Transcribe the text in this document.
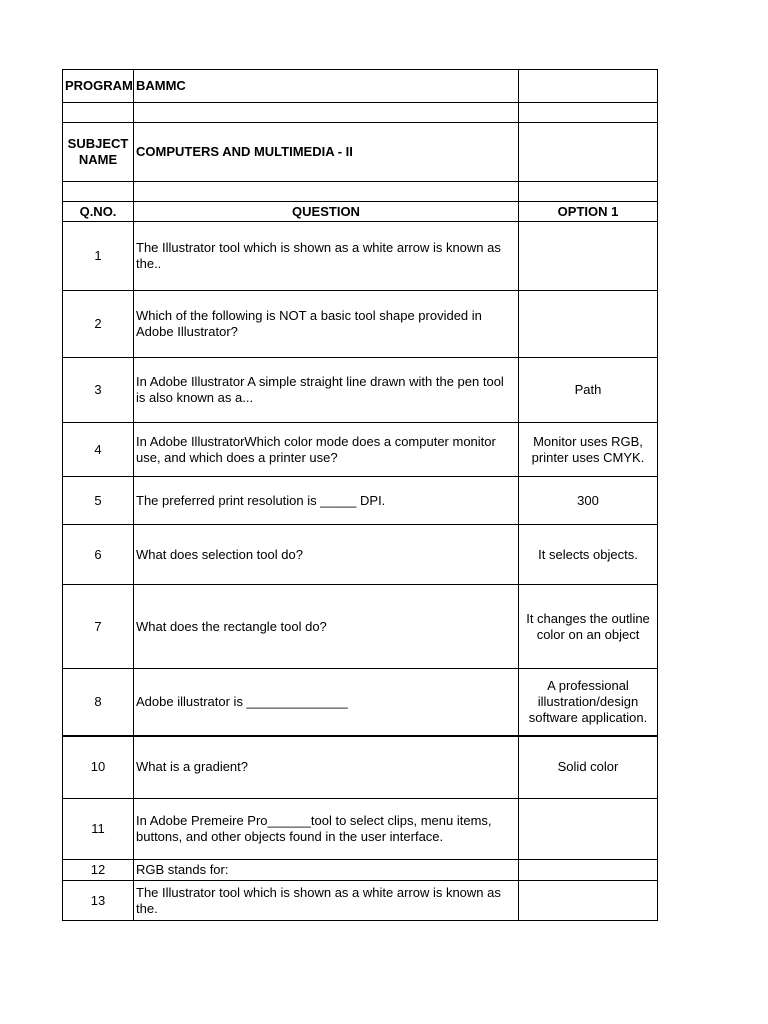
PROGRAM	BAMMC	

SUBJECT NAME	COMPUTERS AND MULTIMEDIA - II	

Q.NO.	QUESTION	OPTION 1
1	The Illustrator tool which is shown as a white arrow is known as the..	
2	Which of the following is NOT a basic tool shape provided in Adobe Illustrator?	
3	In Adobe Illustrator A simple straight line drawn with the pen tool is also known as a...	Path
4	In Adobe IllustratorWhich color mode does a computer monitor use, and which does a printer use?	Monitor uses RGB, printer uses CMYK.
5	The preferred print resolution is _____ DPI.	300
6	What does selection tool do?	It selects objects.
7	What does the rectangle tool do?	It changes the outline color on an object
8	Adobe illustrator is ______________	A professional illustration/design software application.
10	What is a gradient?	Solid color
11	In Adobe Premeire Pro______tool to select clips, menu items, buttons, and other objects found in the user interface.	
12	RGB stands for:	
13	The Illustrator tool which is shown as a white arrow is known as the.	
